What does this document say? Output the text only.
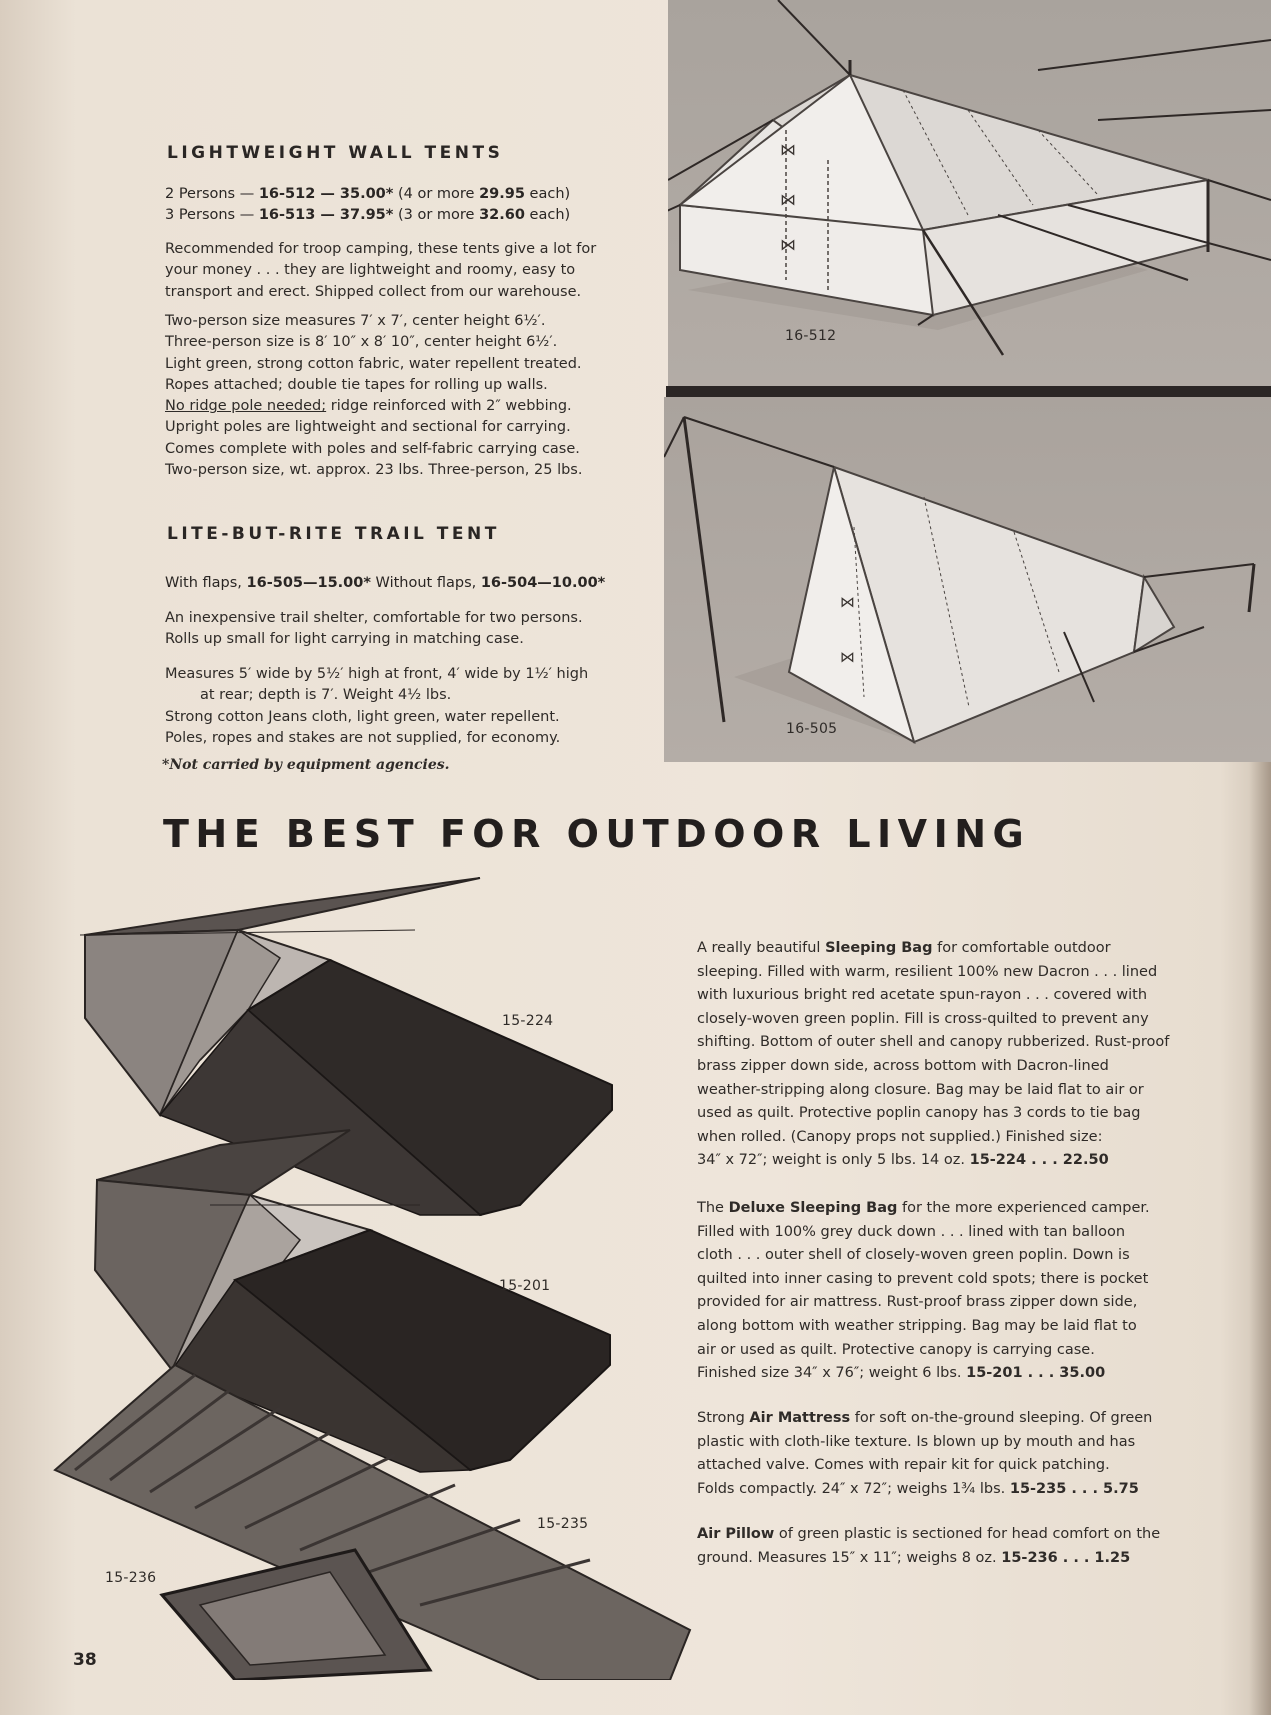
LIGHTWEIGHT WALL TENTS
2 Persons — 16-512 — 35.00* (4 or more 29.95 each)
3 Persons — 16-513 — 37.95* (3 or more 32.60 each)
Recommended for troop camping, these tents give a lot for
your money . . . they are lightweight and roomy, easy to
transport and erect. Shipped collect from our warehouse.
Two-person size measures 7′ x 7′, center height 6½′.
Three-person size is 8′ 10″ x 8′ 10″, center height 6½′.
Light green, strong cotton fabric, water repellent treated.
Ropes attached; double tie tapes for rolling up walls.
No ridge pole needed; ridge reinforced with 2″ webbing.
Upright poles are lightweight and sectional for carrying.
Comes complete with poles and self-fabric carrying case.
Two-person size, wt. approx. 23 lbs. Three-person, 25 lbs.
LITE-BUT-RITE TRAIL TENT
With flaps, 16-505—15.00* Without flaps, 16-504—10.00*
An inexpensive trail shelter, comfortable for two persons.
Rolls up small for light carrying in matching case.
Measures 5′ wide by 5½′ high at front, 4′ wide by 1½′ high
at rear; depth is 7′. Weight 4½ lbs.
Strong cotton Jeans cloth, light green, water repellent.
Poles, ropes and stakes are not supplied, for economy.
*Not carried by equipment agencies.
⋈
⋈
⋈
16-512
⋈
⋈
16-505
THE BEST FOR OUTDOOR LIVING
15-224
15-201
15-235
15-236
A really beautiful Sleeping Bag for comfortable outdoor
sleeping. Filled with warm, resilient 100% new Dacron . . . lined
with luxurious bright red acetate spun-rayon . . . covered with
closely-woven green poplin. Fill is cross-quilted to prevent any
shifting. Bottom of outer shell and canopy rubberized. Rust-proof
brass zipper down side, across bottom with Dacron-lined
weather-stripping along closure. Bag may be laid flat to air or
used as quilt. Protective poplin canopy has 3 cords to tie bag
when rolled. (Canopy props not supplied.) Finished size:
34″ x 72″; weight is only 5 lbs. 14 oz. 15-224 . . . 22.50
The Deluxe Sleeping Bag for the more experienced camper.
Filled with 100% grey duck down . . . lined with tan balloon
cloth . . . outer shell of closely-woven green poplin. Down is
quilted into inner casing to prevent cold spots; there is pocket
provided for air mattress. Rust-proof brass zipper down side,
along bottom with weather stripping. Bag may be laid flat to
air or used as quilt. Protective canopy is carrying case.
Finished size 34″ x 76″; weight 6 lbs. 15-201 . . . 35.00
Strong Air Mattress for soft on-the-ground sleeping. Of green
plastic with cloth-like texture. Is blown up by mouth and has
attached valve. Comes with repair kit for quick patching.
Folds compactly. 24″ x 72″; weighs 1¾ lbs. 15-235 . . . 5.75
Air Pillow of green plastic is sectioned for head comfort on the
ground. Measures 15″ x 11″; weighs 8 oz. 15-236 . . . 1.25
38
